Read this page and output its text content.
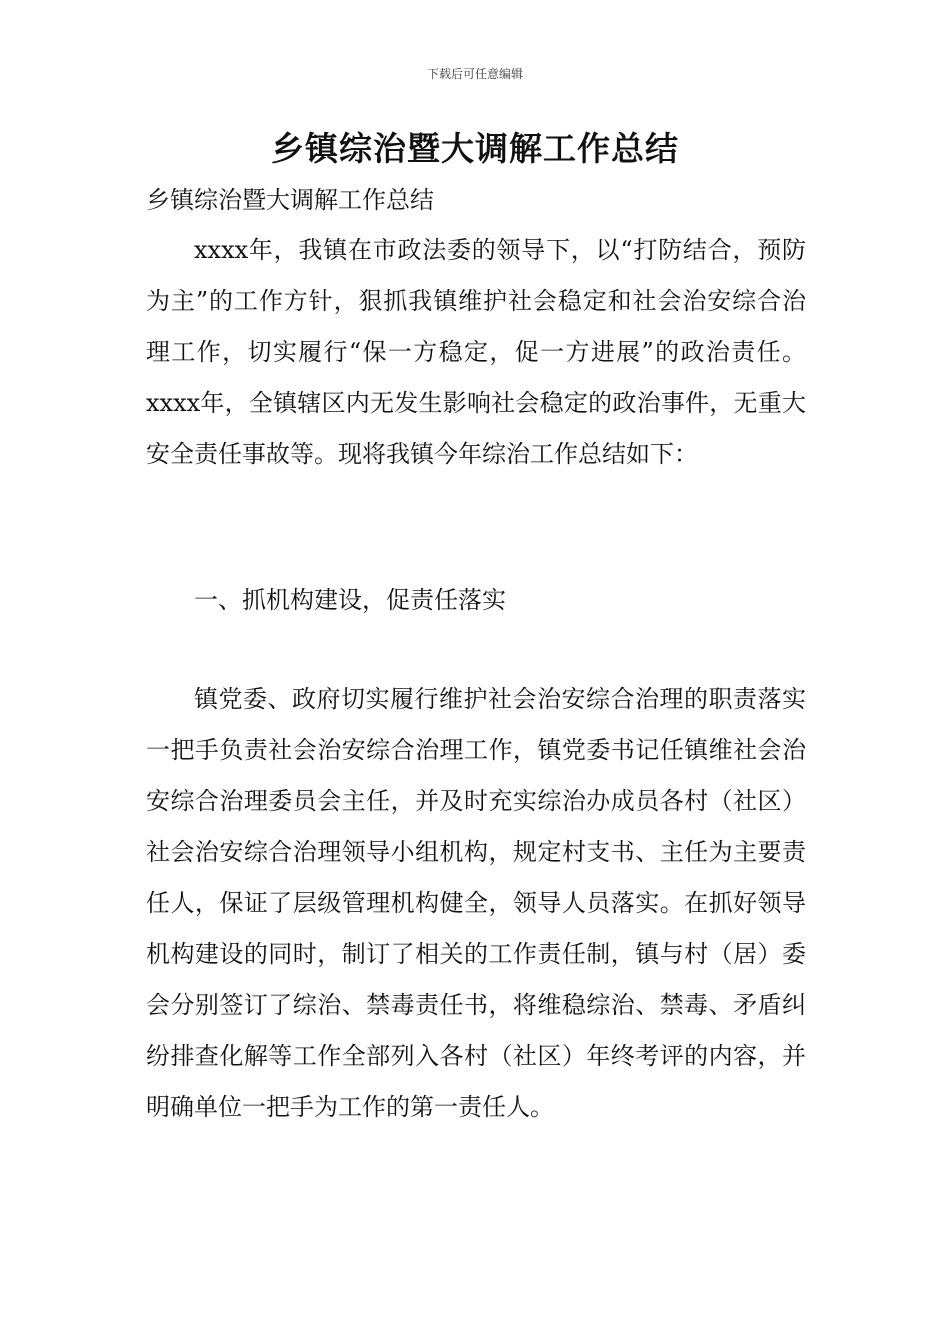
下载后可任意编辑
乡镇综治暨大调解工作总结

乡镇综治暨大调解工作总结

xxxx年，我镇在市政法委的领导下，以“打防结合，预防为主”的工作方针，狠抓我镇维护社会稳定和社会治安综合治理工作，切实履行“保一方稳定，促一方进展”的政治责任。xxxx年，全镇辖区内无发生影响社会稳定的政治事件，无重大安全责任事故等。现将我镇今年综治工作总结如下：

一、抓机构建设，促责任落实

镇党委、政府切实履行维护社会治安综合治理的职责落实一把手负责社会治安综合治理工作，镇党委书记任镇维社会治安综合治理委员会主任，并及时充实综治办成员各村（社区）社会治安综合治理领导小组机构，规定村支书、主任为主要责任人，保证了层级管理机构健全，领导人员落实。在抓好领导机构建设的同时，制订了相关的工作责任制，镇与村（居）委会分别签订了综治、禁毒责任书，将维稳综治、禁毒、矛盾纠纷排查化解等工作全部列入各村（社区）年终考评的内容，并明确单位一把手为工作的第一责任人。
